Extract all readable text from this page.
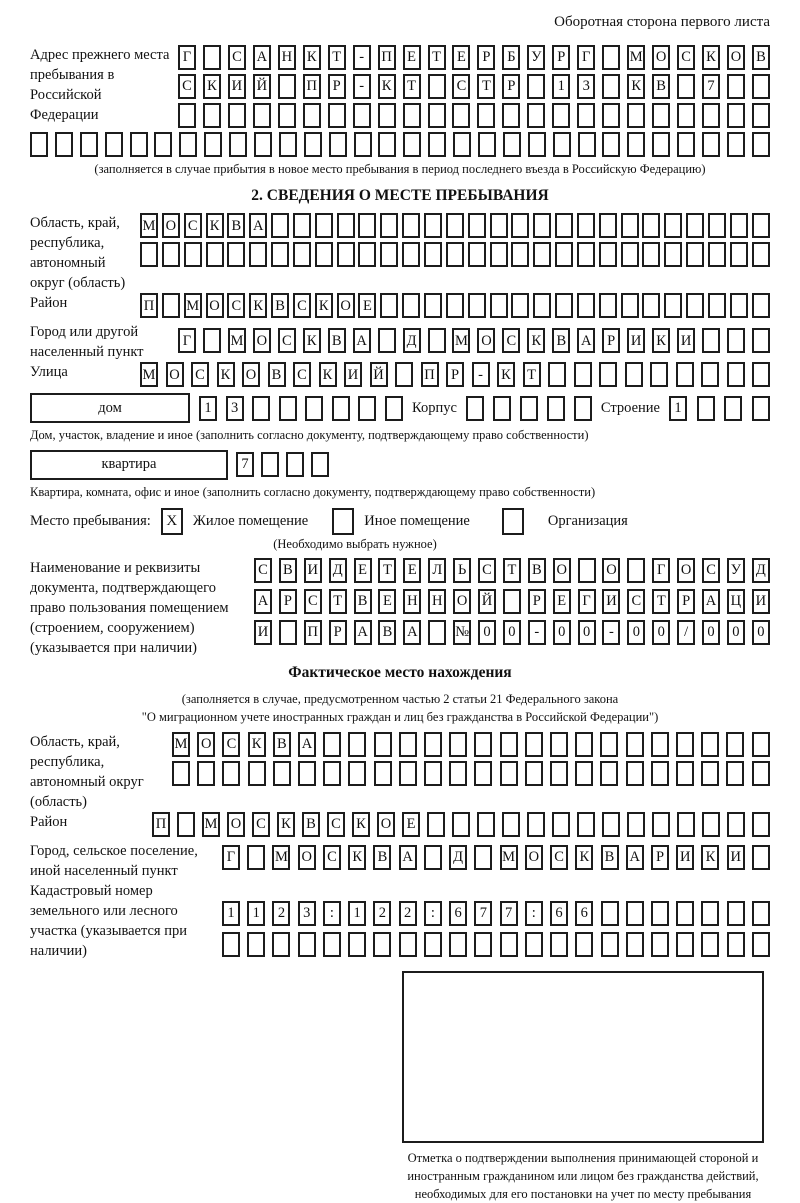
Оборотная сторона первого листа
Адрес прежнего места пребывания в Российской Федерации
Г	С А Н К	Т	-	П	Е	Т	Е	Р	Б	У	Р	Г	М О С К О В
С К И Й	П	Р	-	К	Т	С	Т	Р	1	3	К В	7
(заполняется в случае прибытия в новое место пребывания в период последнего въезда в Российскую Федерацию)
2. СВЕДЕНИЯ О МЕСТЕ ПРЕБЫВАНИЯ
Область, край, республика, автономный округ (область)
М О С К В А
Район	П М О С К В С К О Е
Город или другой населенный пункт
Г	М О С К В А	Д	М О С К В А	Р	И К И
Улица	М О С К О В С К И Й	П	Р	-	К	Т
дом	1	3	Корпус	Строение 1
Дом, участок, владение и иное (заполнить согласно документу, подтверждающему право собственности)
квартира	7
Квартира, комната, офис и иное (заполнить согласно документу, подтверждающему право собственности)
Место пребывания:	X	Жилое помещение	Иное помещение	Организация
(Необходимо выбрать нужное)
Наименование и реквизиты документа, подтверждающего право пользования помещением (строением, сооружением) (указывается при наличии)
С В И Д	Е	Т	Е	Л	Ь	С	Т	В О	О	Г	О С У Д
А	Р	С	Т	В	Е	Н Н О Й	Р	Е	Г	И С	Т	Р	А Ц И
И	П	Р	А В А	№ 0	0	-	0	0	-	0	0	/	0	0	0
Фактическое место нахождения
(заполняется в случае, предусмотренном частью 2 статьи 21 Федерального закона
"О миграционном учете иностранных граждан и лиц без гражданства в Российской Федерации")
Область, край, республика, автономный округ (область)
М О С К В А
Район	П	М О С К В С К О	Е
Город, сельское поселение, иной населенный пункт
Г	М О С К В А	Д	М О С К В А	Р	И К И
Кадастровый номер земельного или лесного участка (указывается при наличии)
1	1	2	3	:	1	2	2	:	6	7	7	:	6	6
Отметка о подтверждении выполнения принимающей стороной и иностранным гражданином или лицом без гражданства действий, необходимых для его постановки на учет по месту пребывания
